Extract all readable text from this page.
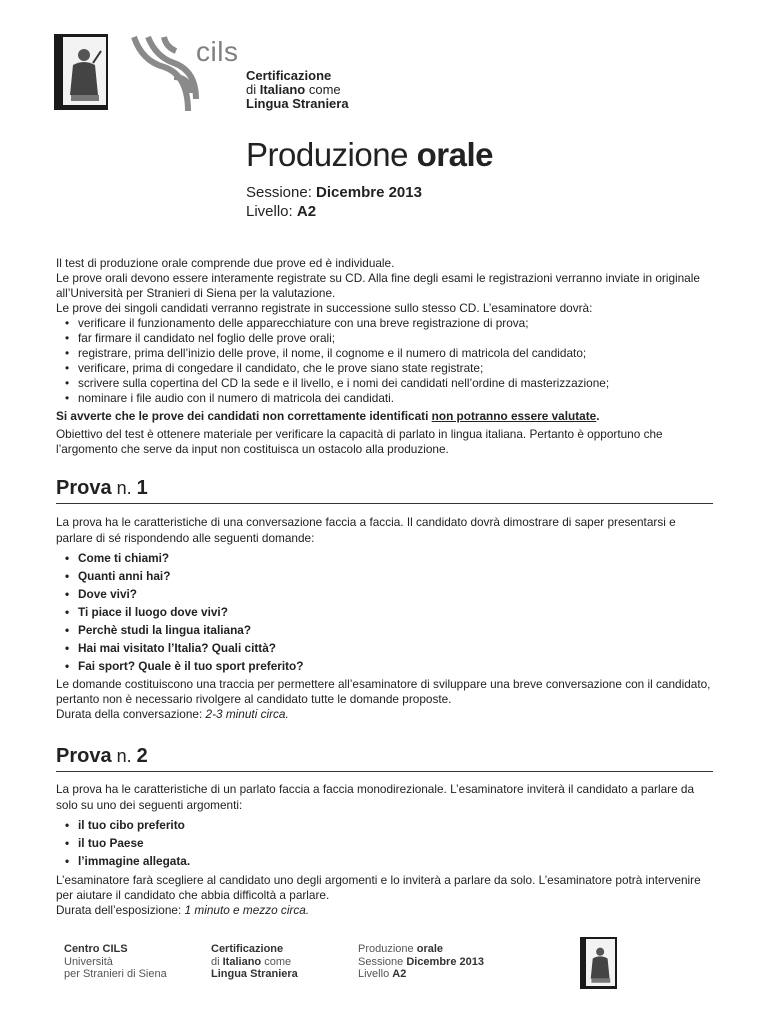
cils
Certificazione
di Italiano come
Lingua Straniera
Produzione orale
Sessione: Dicembre 2013
Livello: A2
Il test di produzione orale comprende due prove ed è individuale.
Le prove orali devono essere interamente registrate su CD. Alla fine degli esami le registrazioni verranno inviate in originale all’Università per Stranieri di Siena per la valutazione.
Le prove dei singoli candidati verranno registrate in successione sullo stesso CD. L’esaminatore dovrà:
• verificare il funzionamento delle apparecchiature con una breve registrazione di prova;
• far firmare il candidato nel foglio delle prove orali;
• registrare, prima dell’inizio delle prove, il nome, il cognome e il numero di matricola del candidato;
• verificare, prima di congedare il candidato, che le prove siano state registrate;
• scrivere sulla copertina del CD la sede e il livello, e i nomi dei candidati nell’ordine di masterizzazione;
• nominare i file audio con il numero di matricola dei candidati.
Si avverte che le prove dei candidati non correttamente identificati non potranno essere valutate.
Obiettivo del test è ottenere materiale per verificare la capacità di parlato in lingua italiana. Pertanto è opportuno che l’argomento che serve da input non costituisca un ostacolo alla produzione.
Prova n. 1
La prova ha le caratteristiche di una conversazione faccia a faccia. Il candidato dovrà dimostrare di saper presentarsi e parlare di sé rispondendo alle seguenti domande:
• Come ti chiami?
• Quanti anni hai?
• Dove vivi?
• Ti piace il luogo dove vivi?
• Perchè studi la lingua italiana?
• Hai mai visitato l’Italia? Quali città?
• Fai sport? Quale è il tuo sport preferito?
Le domande costituiscono una traccia per permettere all’esaminatore di sviluppare una breve conversazione con il candidato, pertanto non è necessario rivolgere al candidato tutte le domande proposte.
Durata della conversazione: 2-3 minuti circa.
Prova n. 2
La prova ha le caratteristiche di un parlato faccia a faccia monodirezionale. L’esaminatore inviterà il candidato a parlare da solo su uno dei seguenti argomenti:
• il tuo cibo preferito
• il tuo Paese
• l’immagine allegata.
L’esaminatore farà scegliere al candidato uno degli argomenti e lo inviterà a parlare da solo. L’esaminatore potrà intervenire per aiutare il candidato che abbia difficoltà a parlare.
Durata dell’esposizione: 1 minuto e mezzo circa.
Centro CILS
Università
per Stranieri di Siena
Certificazione
di Italiano come
Lingua Straniera
Produzione orale
Sessione Dicembre 2013
Livello A2
